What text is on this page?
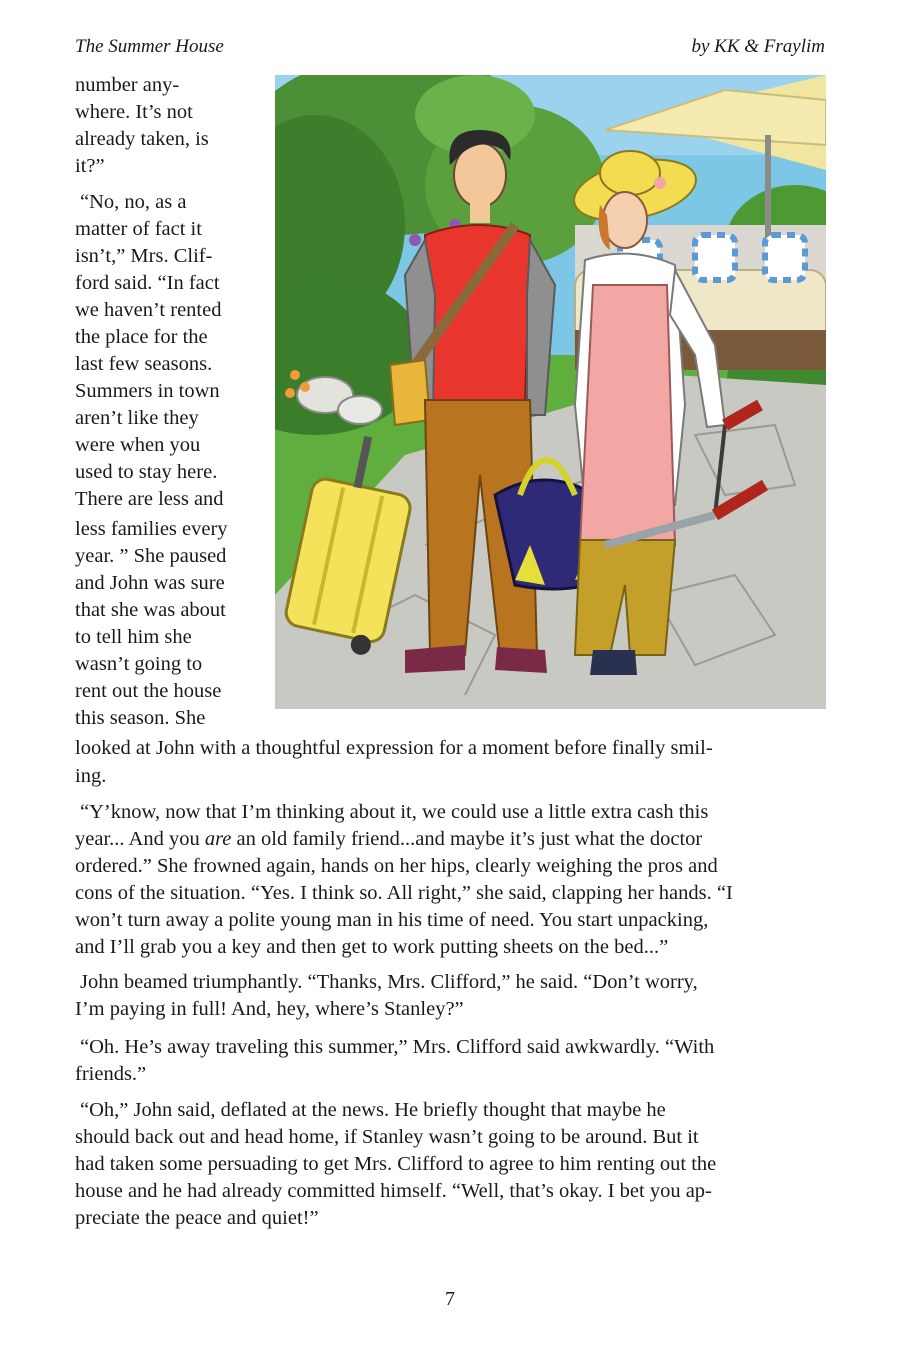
The Summer House	by KK & Fraylim
number any-
where. It’s not
already taken, is
it?”
“No, no, as a
matter of fact it
isn’t,” Mrs. Clif-
ford said. “In fact
we haven’t rented
the place for the
last few seasons.
Summers in town
aren’t like they
were when you
used to stay here.
There are less and
less families every
year. ” She paused
and John was sure
that she was about
to tell him she
wasn’t going to
rent out the house
this season. She
looked at John with a thoughtful expression for a moment before finally smil-
ing.
“Y’know, now that I’m thinking about it, we could use a little extra cash this
year... And you are an old family friend...and maybe it’s just what the doctor
ordered.” She frowned again, hands on her hips, clearly weighing the pros and
cons of the situation. “Yes. I think so. All right,” she said, clapping her hands. “I
won’t turn away a polite young man in his time of need. You start unpacking,
and I’ll grab you a key and then get to work putting sheets on the bed...”
John beamed triumphantly. “Thanks, Mrs. Clifford,” he said. “Don’t worry,
I’m paying in full! And, hey, where’s Stanley?”
“Oh. He’s away traveling this summer,” Mrs. Clifford said awkwardly. “With
friends.”
“Oh,” John said, deflated at the news. He briefly thought that maybe he
should back out and head home, if Stanley wasn’t going to be around. But it
had taken some persuading to get Mrs. Clifford to agree to him renting out the
house and he had already committed himself. “Well, that’s okay. I bet you ap-
preciate the peace and quiet!”
7
